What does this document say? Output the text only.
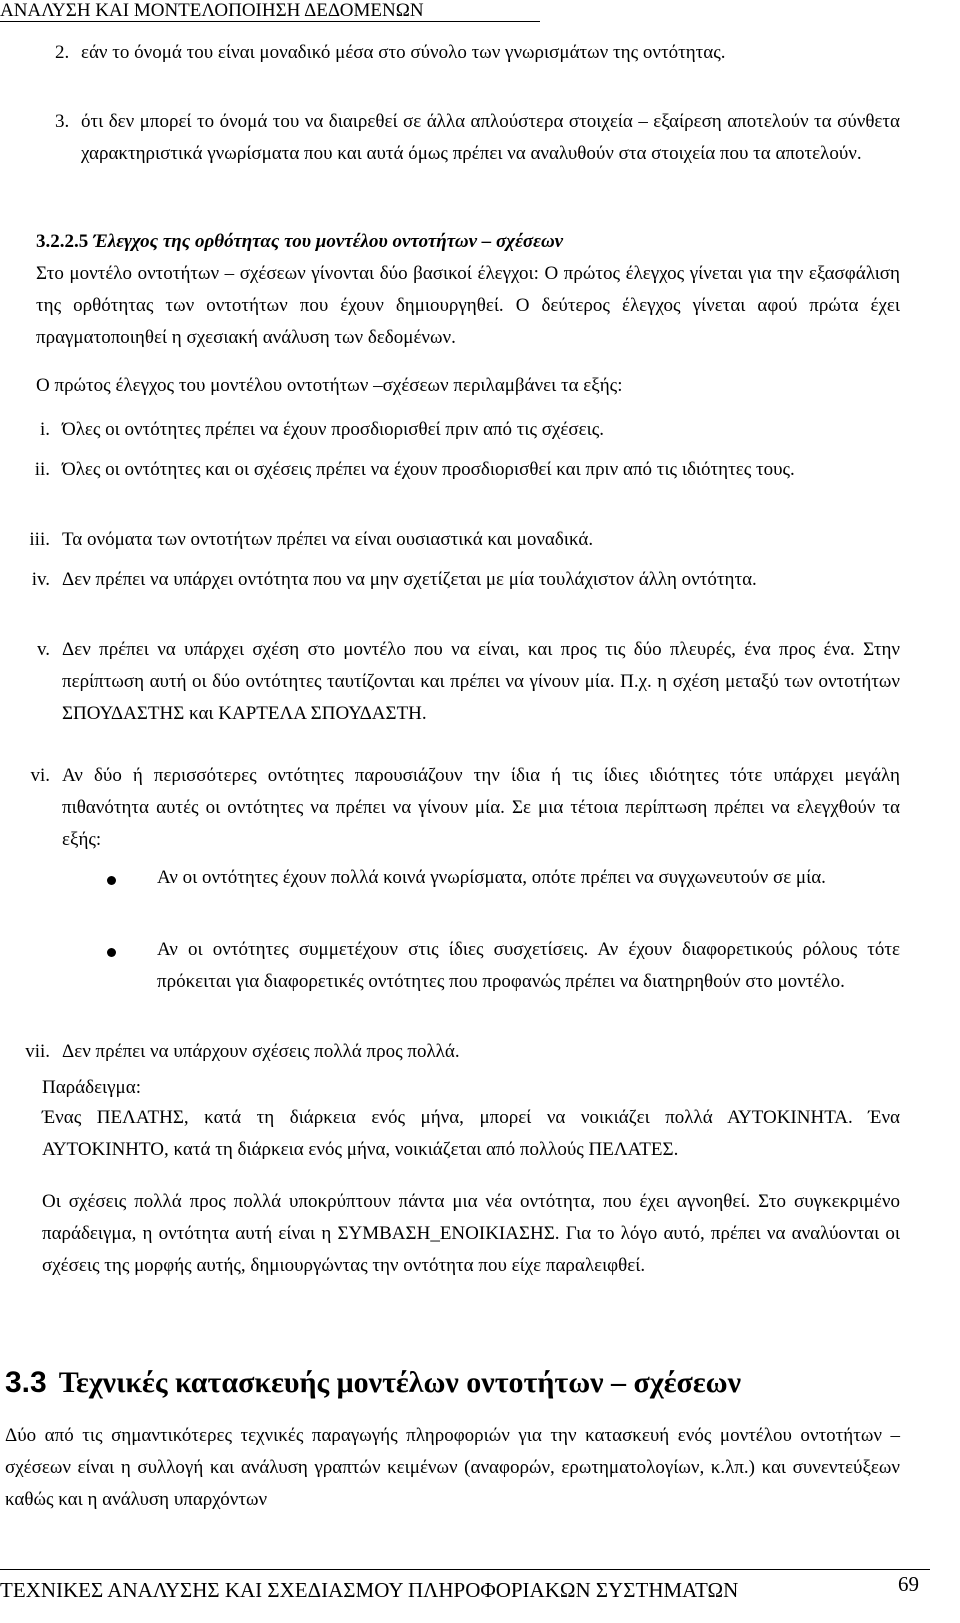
ΑΝΑΛΥΣΗ ΚΑΙ ΜΟΝΤΕΛΟΠΟΙΗΣΗ ΔΕΔΟΜΕΝΩΝ
2. εάν το όνομά του είναι μοναδικό μέσα στο σύνολο των γνωρισμάτων της οντότητας.
3. ότι δεν μπορεί το όνομά του να διαιρεθεί σε άλλα απλούστερα στοιχεία – εξαίρεση αποτελούν τα σύνθετα χαρακτηριστικά γνωρίσματα που και αυτά όμως πρέπει να αναλυθούν στα στοιχεία που τα αποτελούν.
3.2.2.5 Έλεγχος της ορθότητας του μοντέλου οντοτήτων – σχέσεων
Στο μοντέλο οντοτήτων – σχέσεων γίνονται δύο βασικοί έλεγχοι: Ο πρώτος έλεγχος γίνεται για την εξασφάλιση της ορθότητας των οντοτήτων που έχουν δημιουργηθεί. Ο δεύτερος έλεγχος γίνεται αφού πρώτα έχει πραγματοποιηθεί η σχεσιακή ανάλυση των δεδομένων.
Ο πρώτος έλεγχος του μοντέλου οντοτήτων –σχέσεων περιλαμβάνει τα εξής:
i. Όλες οι οντότητες πρέπει να έχουν προσδιορισθεί πριν από τις σχέσεις.
ii. Όλες οι οντότητες και οι σχέσεις πρέπει να έχουν προσδιορισθεί και πριν από τις ιδιότητες τους.
iii. Τα ονόματα των οντοτήτων πρέπει να είναι ουσιαστικά και μοναδικά.
iv. Δεν πρέπει να υπάρχει οντότητα που να μην σχετίζεται με μία τουλάχιστον άλλη οντότητα.
v. Δεν πρέπει να υπάρχει σχέση στο μοντέλο που να είναι, και προς τις δύο πλευρές, ένα προς ένα. Στην περίπτωση αυτή οι δύο οντότητες ταυτίζονται και πρέπει να γίνουν μία. Π.χ. η σχέση μεταξύ των οντοτήτων ΣΠΟΥΔΑΣΤΗΣ και ΚΑΡΤΕΛΑ ΣΠΟΥΔΑΣΤΗ.
vi. Αν δύο ή περισσότερες οντότητες παρουσιάζουν την ίδια ή τις ίδιες ιδιότητες τότε υπάρχει μεγάλη πιθανότητα αυτές οι οντότητες να πρέπει να γίνουν μία. Σε μια τέτοια περίπτωση πρέπει να ελεγχθούν τα εξής:
Αν οι οντότητες έχουν πολλά κοινά γνωρίσματα, οπότε πρέπει να συγχωνευτούν σε μία.
Αν οι οντότητες συμμετέχουν στις ίδιες συσχετίσεις. Αν έχουν διαφορετικούς ρόλους τότε πρόκειται για διαφορετικές οντότητες που προφανώς πρέπει να διατηρηθούν στο μοντέλο.
vii. Δεν πρέπει να υπάρχουν σχέσεις πολλά προς πολλά.
Παράδειγμα:
Ένας ΠΕΛΑΤΗΣ, κατά τη διάρκεια ενός μήνα, μπορεί να νοικιάζει πολλά ΑΥΤΟΚΙΝΗΤΑ. Ένα ΑΥΤΟΚΙΝΗΤΟ, κατά τη διάρκεια ενός μήνα, νοικιάζεται από πολλούς ΠΕΛΑΤΕΣ.
Οι σχέσεις πολλά προς πολλά υποκρύπτουν πάντα μια νέα οντότητα, που έχει αγνοηθεί. Στο συγκεκριμένο παράδειγμα, η οντότητα αυτή είναι η ΣΥΜΒΑΣΗ_ΕΝΟΙΚΙΑΣΗΣ. Για το λόγο αυτό, πρέπει να αναλύονται οι σχέσεις της μορφής αυτής, δημιουργώντας την οντότητα που είχε παραλειφθεί.
3.3 Τεχνικές κατασκευής μοντέλων οντοτήτων – σχέσεων
Δύο από τις σημαντικότερες τεχνικές παραγωγής πληροφοριών για την κατασκευή ενός μοντέλου οντοτήτων – σχέσεων είναι η συλλογή και ανάλυση γραπτών κειμένων (αναφορών, ερωτηματολογίων, κ.λπ.) και συνεντεύξεων καθώς και η ανάλυση υπαρχόντων
ΤΕΧΝΙΚΕΣ ΑΝΑΛΥΣΗΣ ΚΑΙ ΣΧΕΔΙΑΣΜΟΥ ΠΛΗΡΟΦΟΡΙΑΚΩΝ ΣΥΣΤΗΜΑΤΩΝ	69
